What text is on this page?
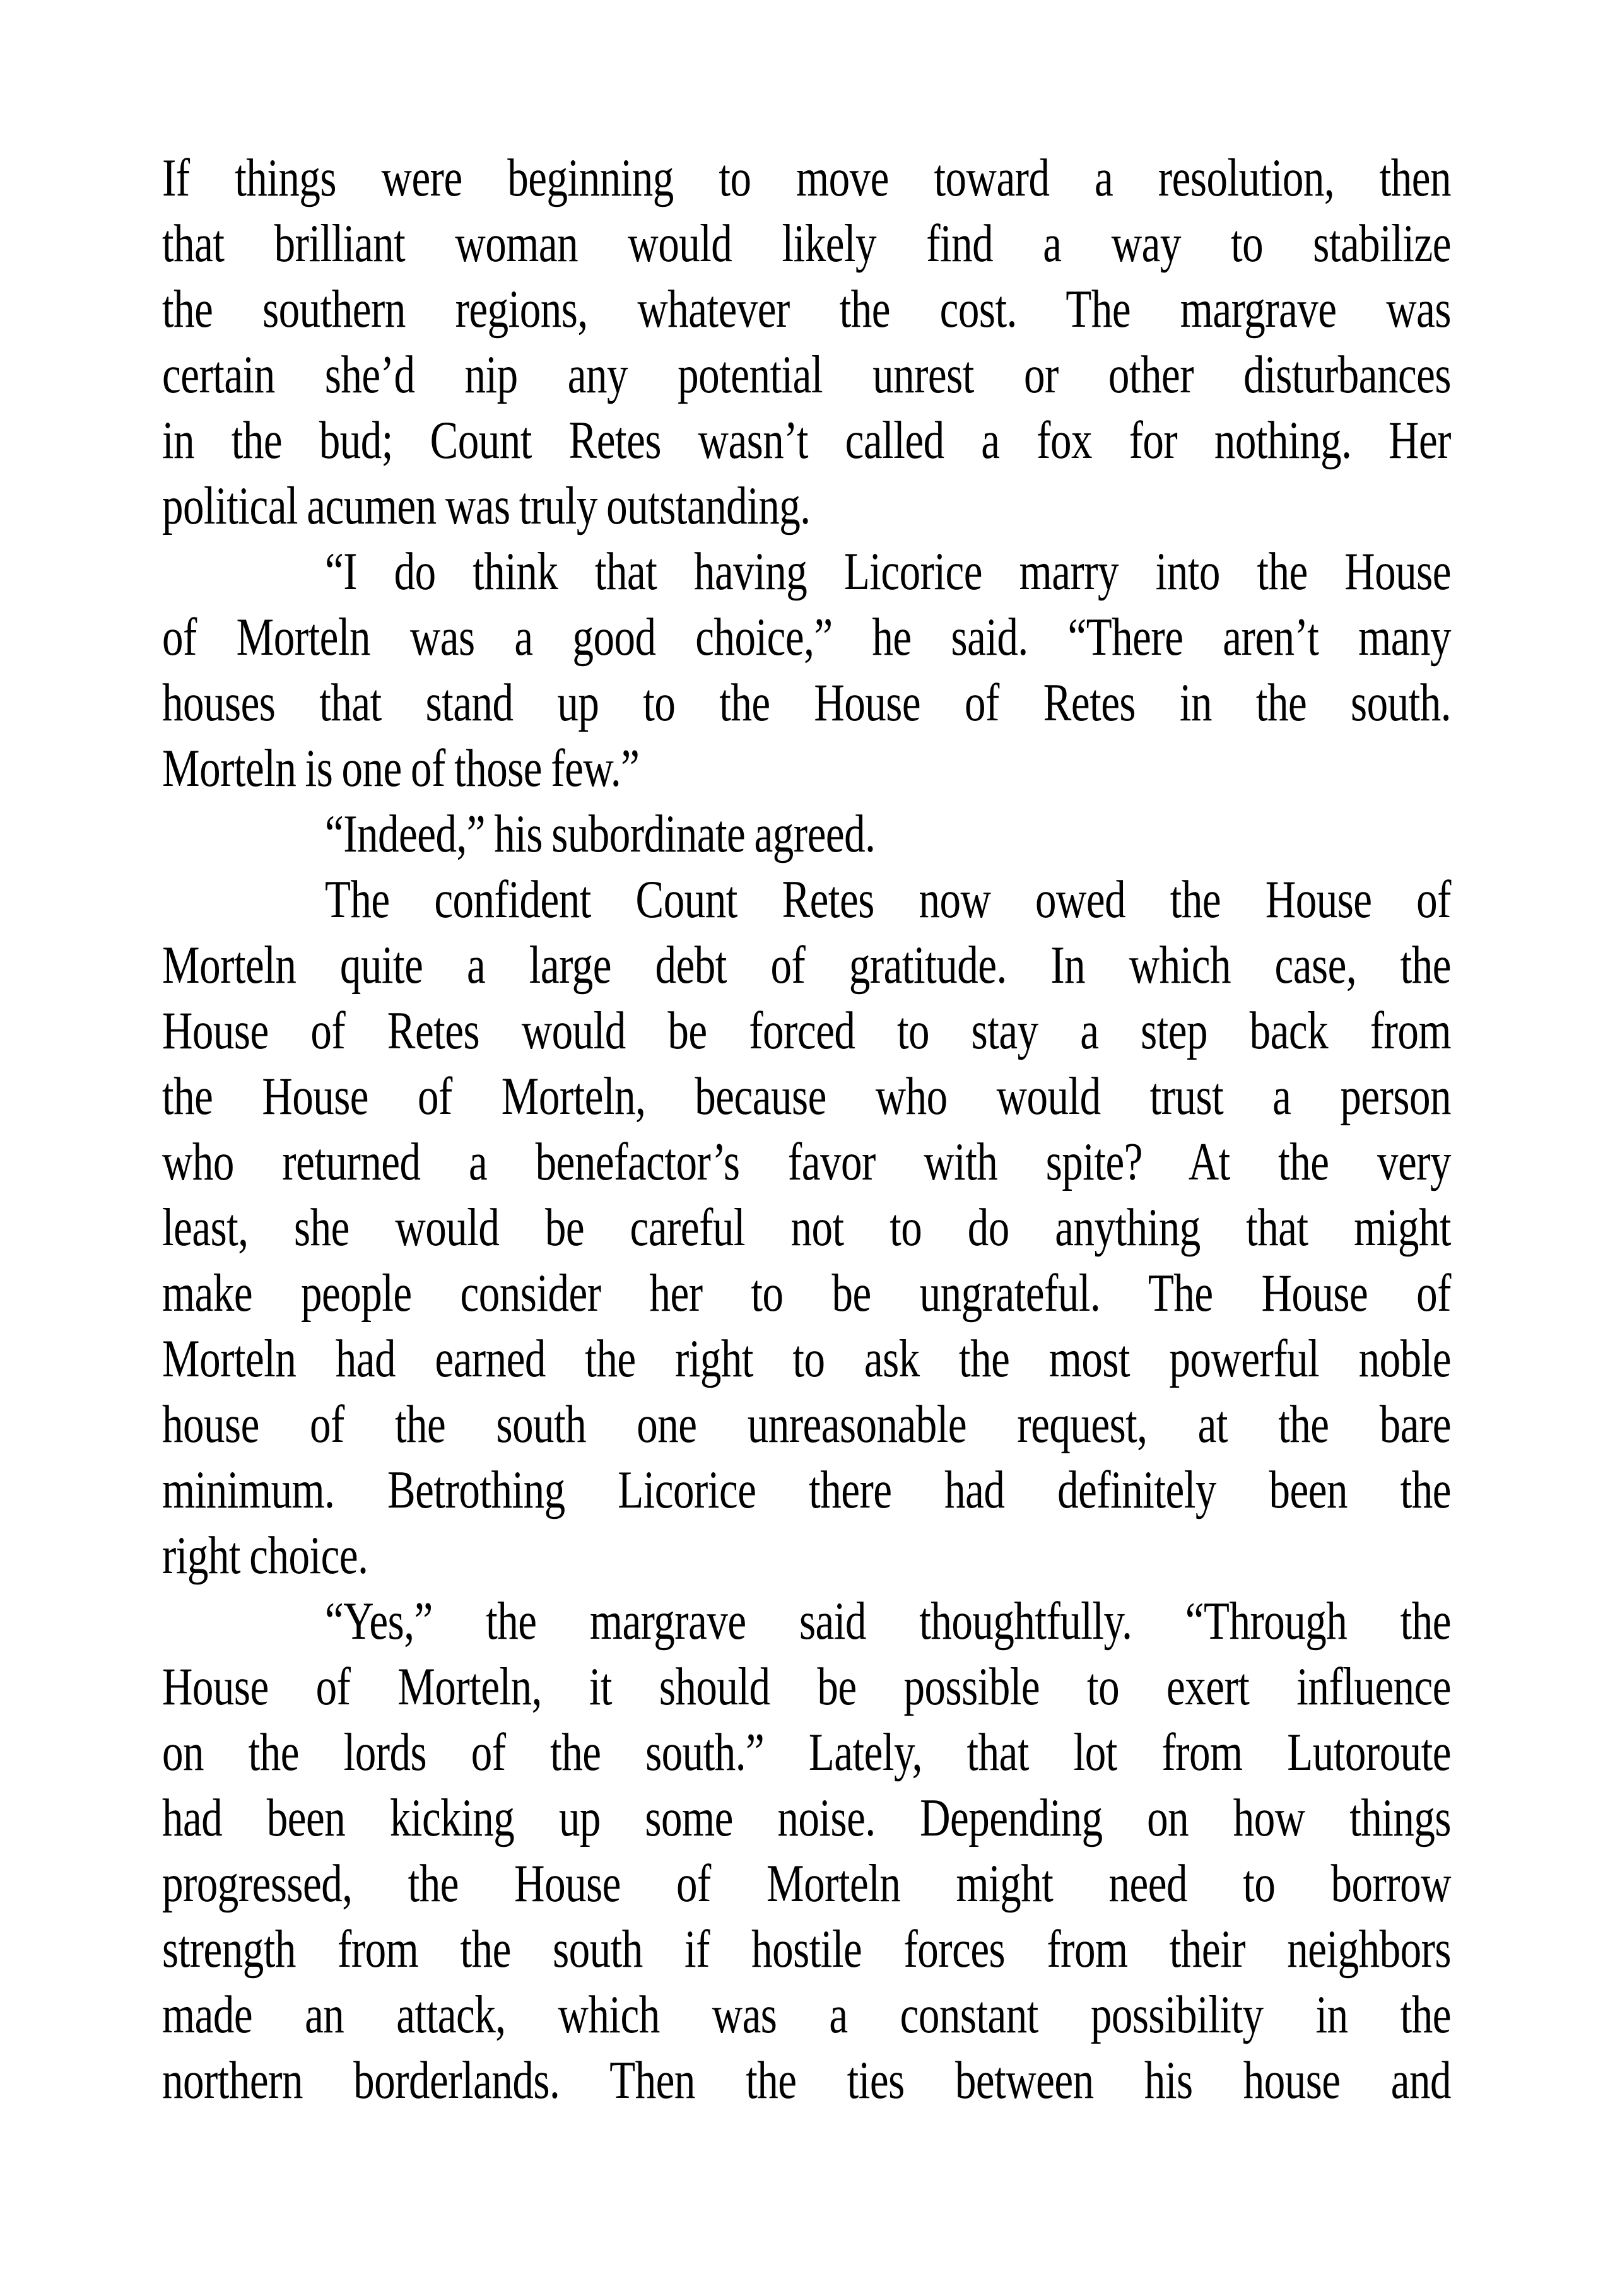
If things were beginning to move toward a resolution, then
that brilliant woman would likely find a way to stabilize
the southern regions, whatever the cost. The margrave was
certain she’d nip any potential unrest or other disturbances
in the bud; Count Retes wasn’t called a fox for nothing. Her
political acumen was truly outstanding.

“I do think that having Licorice marry into the House
of Morteln was a good choice,” he said. “There aren’t many
houses that stand up to the House of Retes in the south.
Morteln is one of those few.”

“Indeed,” his subordinate agreed.

The confident Count Retes now owed the House of
Morteln quite a large debt of gratitude. In which case, the
House of Retes would be forced to stay a step back from
the House of Morteln, because who would trust a person
who returned a benefactor’s favor with spite? At the very
least, she would be careful not to do anything that might
make people consider her to be ungrateful. The House of
Morteln had earned the right to ask the most powerful noble
house of the south one unreasonable request, at the bare
minimum. Betrothing Licorice there had definitely been the
right choice.

“Yes,” the margrave said thoughtfully. “Through the
House of Morteln, it should be possible to exert influence
on the lords of the south.” Lately, that lot from Lutoroute
had been kicking up some noise. Depending on how things
progressed, the House of Morteln might need to borrow
strength from the south if hostile forces from their neighbors
made an attack, which was a constant possibility in the
northern borderlands. Then the ties between his house and
